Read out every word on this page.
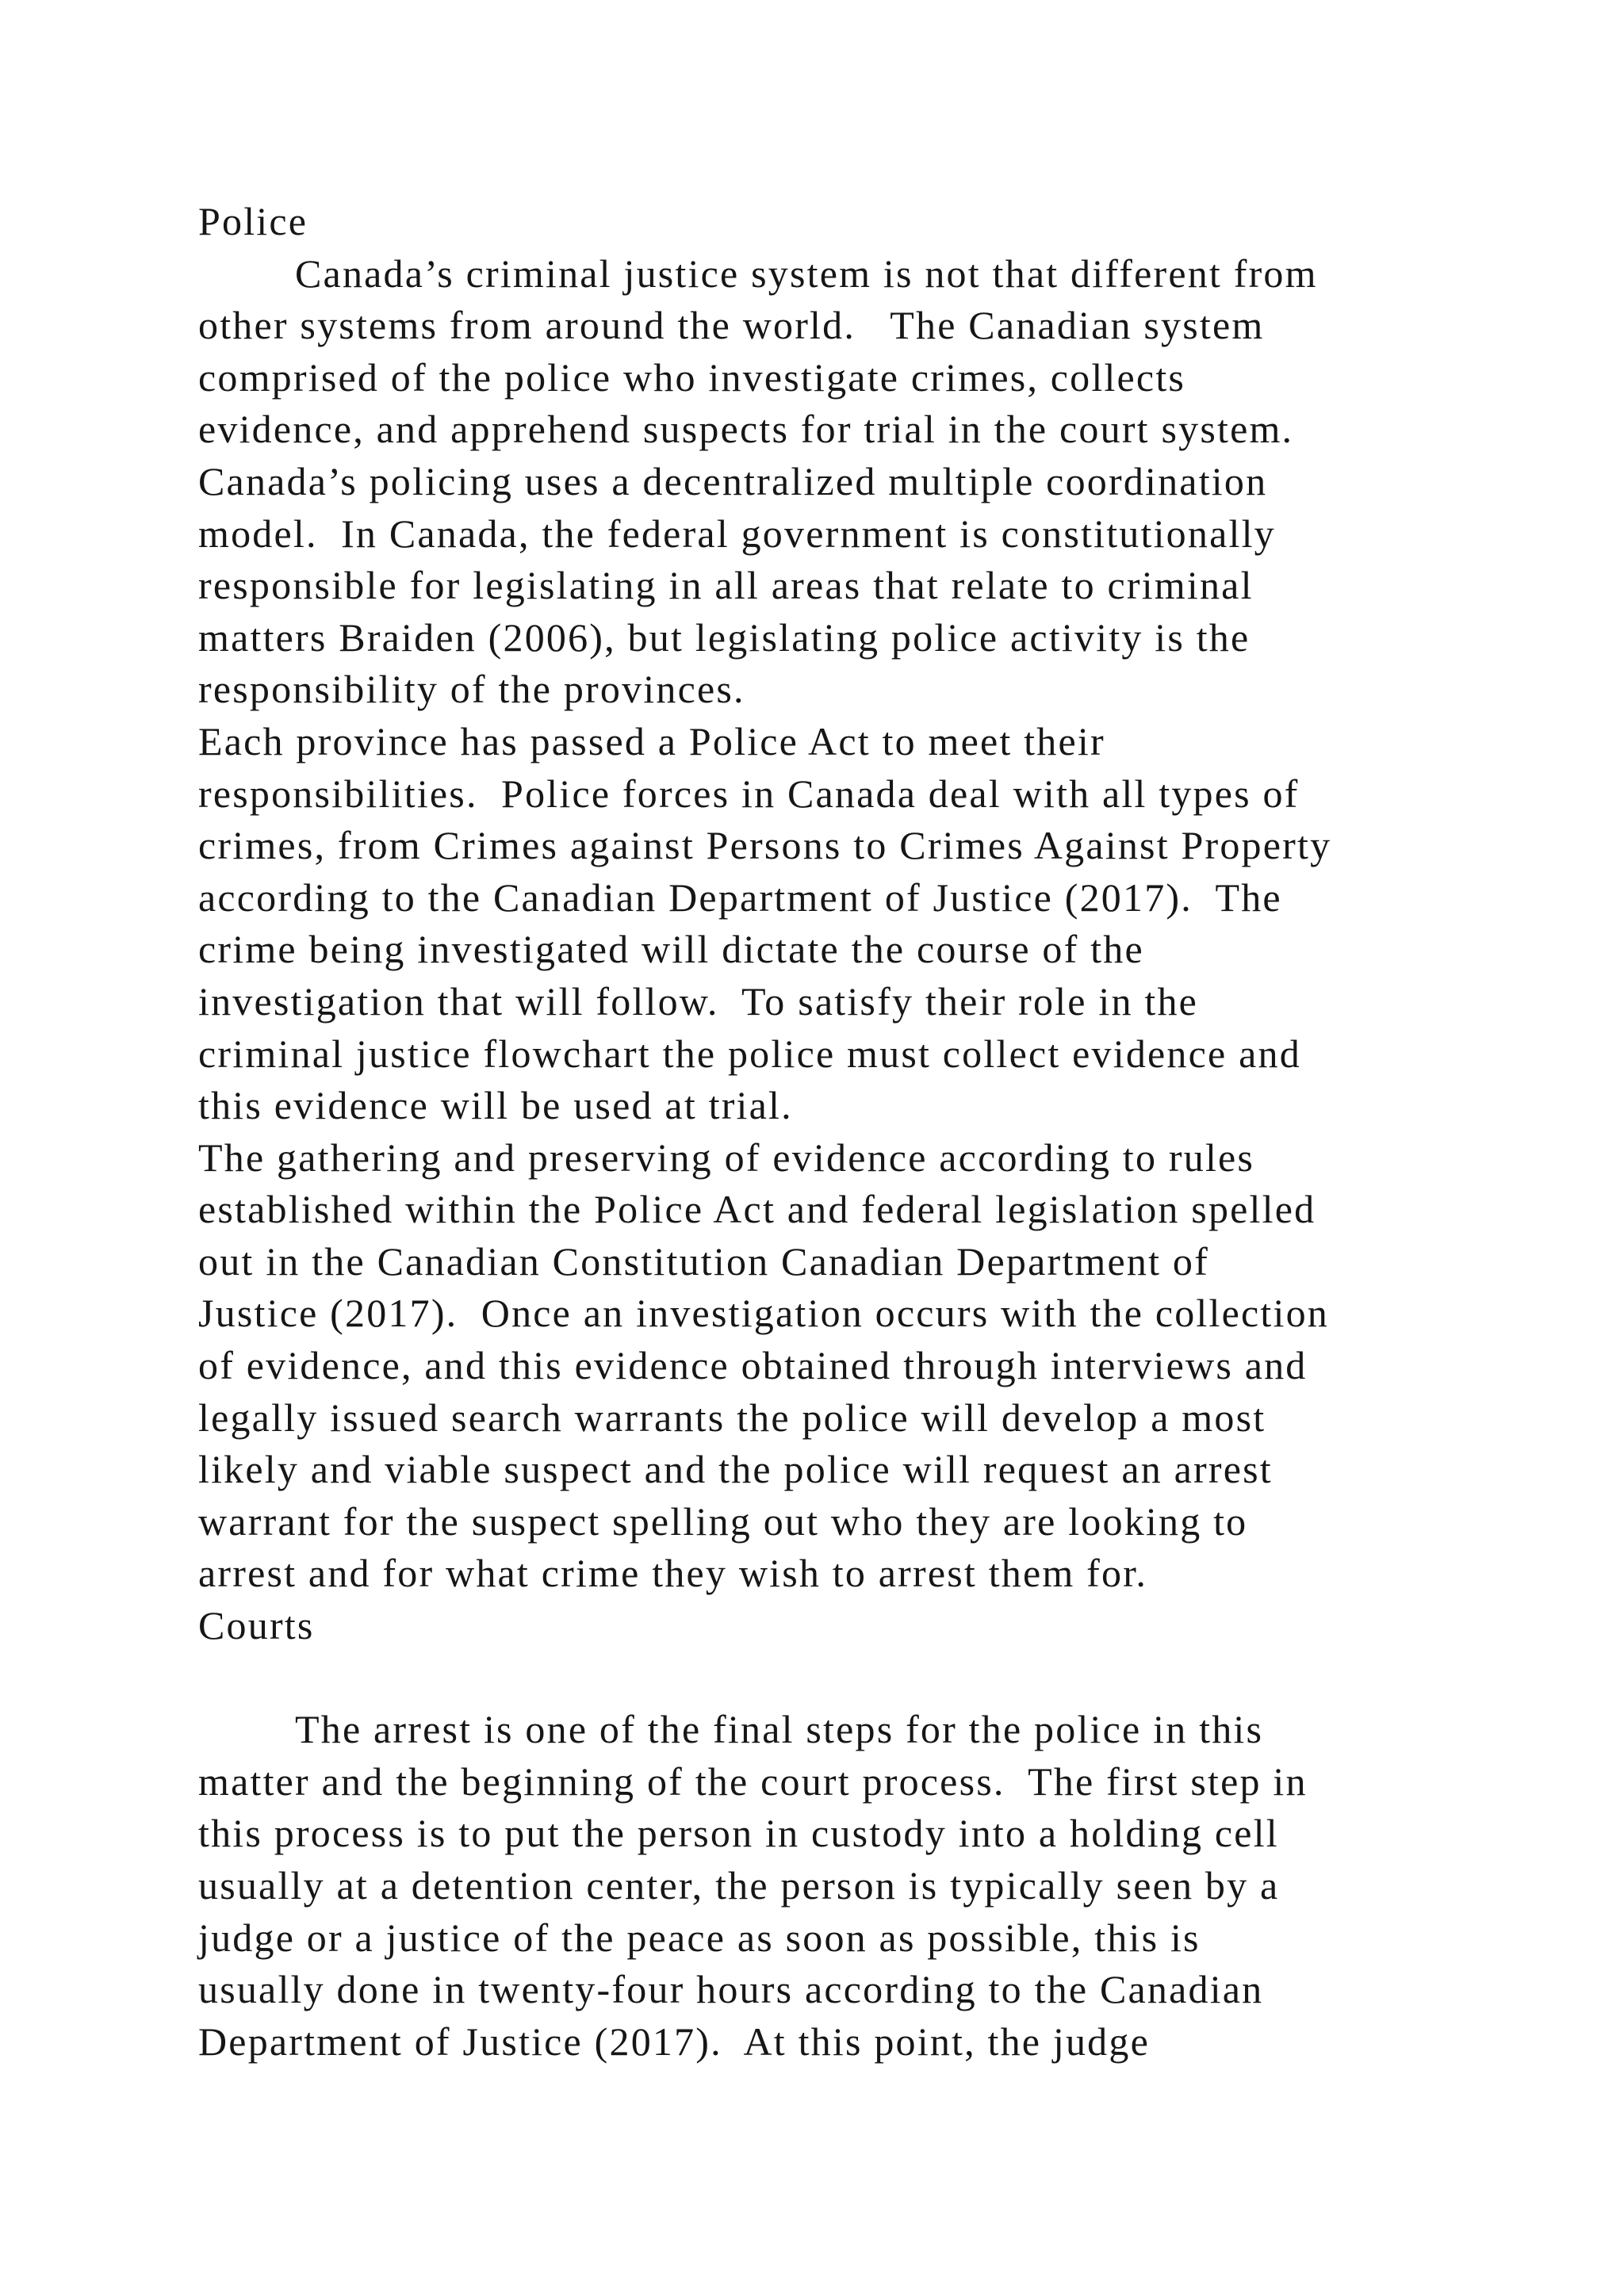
Police
Canada’s criminal justice system is not that different from
other systems from around the world.   The Canadian system
comprised of the police who investigate crimes, collects
evidence, and apprehend suspects for trial in the court system.
Canada’s policing uses a decentralized multiple coordination
model.  In Canada, the federal government is constitutionally
responsible for legislating in all areas that relate to criminal
matters Braiden (2006), but legislating police activity is the
responsibility of the provinces.
Each province has passed a Police Act to meet their
responsibilities.  Police forces in Canada deal with all types of
crimes, from Crimes against Persons to Crimes Against Property
according to the Canadian Department of Justice (2017).  The
crime being investigated will dictate the course of the
investigation that will follow.  To satisfy their role in the
criminal justice flowchart the police must collect evidence and
this evidence will be used at trial.
The gathering and preserving of evidence according to rules
established within the Police Act and federal legislation spelled
out in the Canadian Constitution Canadian Department of
Justice (2017).  Once an investigation occurs with the collection
of evidence, and this evidence obtained through interviews and
legally issued search warrants the police will develop a most
likely and viable suspect and the police will request an arrest
warrant for the suspect spelling out who they are looking to
arrest and for what crime they wish to arrest them for.
Courts
The arrest is one of the final steps for the police in this
matter and the beginning of the court process.  The first step in
this process is to put the person in custody into a holding cell
usually at a detention center, the person is typically seen by a
judge or a justice of the peace as soon as possible, this is
usually done in twenty-four hours according to the Canadian
Department of Justice (2017).  At this point, the judge
